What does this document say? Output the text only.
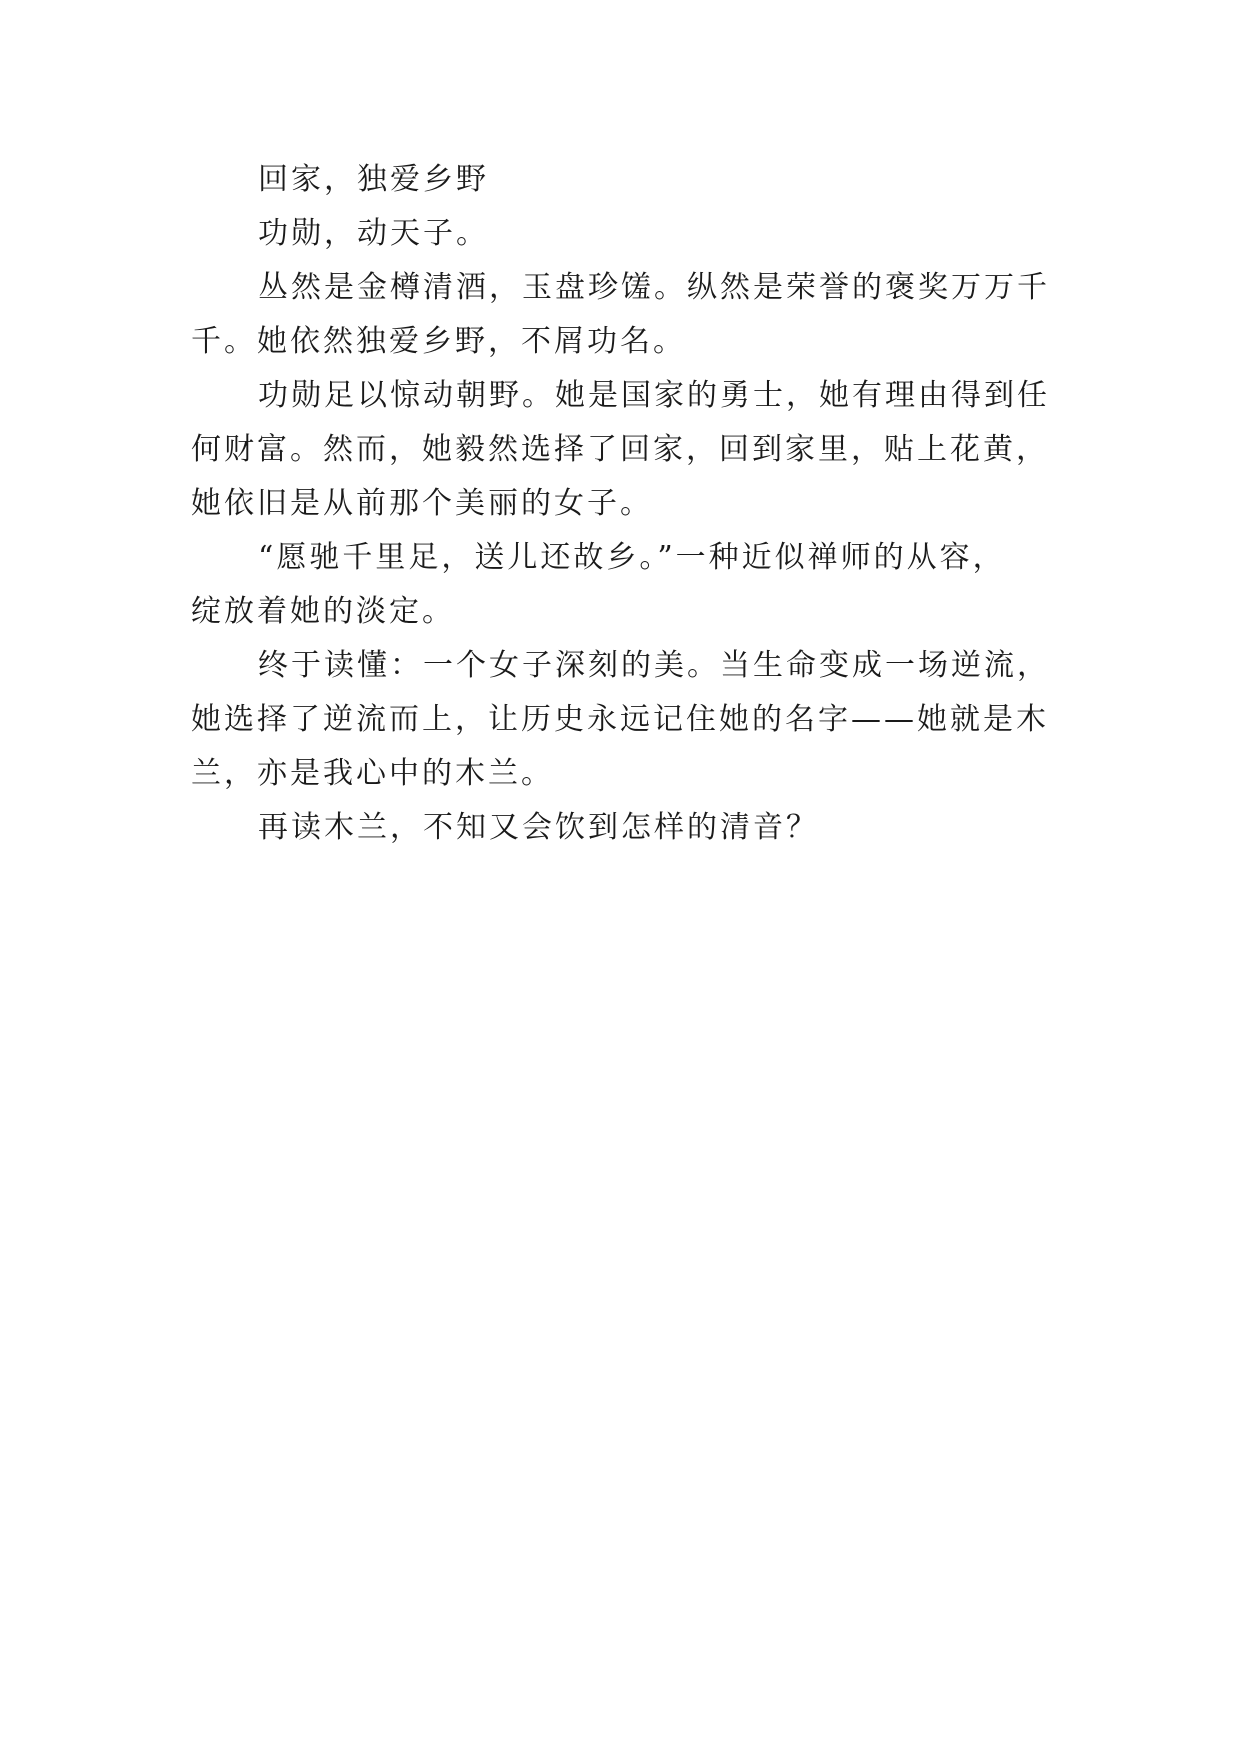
回家，独爱乡野
功勋，动天子。
丛然是金樽清酒，玉盘珍馐。纵然是荣誉的褒奖万万千
千。她依然独爱乡野，不屑功名。
功勋足以惊动朝野。她是国家的勇士，她有理由得到任
何财富。然而，她毅然选择了回家，回到家里，贴上花黄，
她依旧是从前那个美丽的女子。
“愿驰千里足，送儿还故乡。”一种近似禅师的从容，
绽放着她的淡定。
终于读懂：一个女子深刻的美。当生命变成一场逆流，
她选择了逆流而上，让历史永远记住她的名字——她就是木
兰，亦是我心中的木兰。
再读木兰，不知又会饮到怎样的清音？
